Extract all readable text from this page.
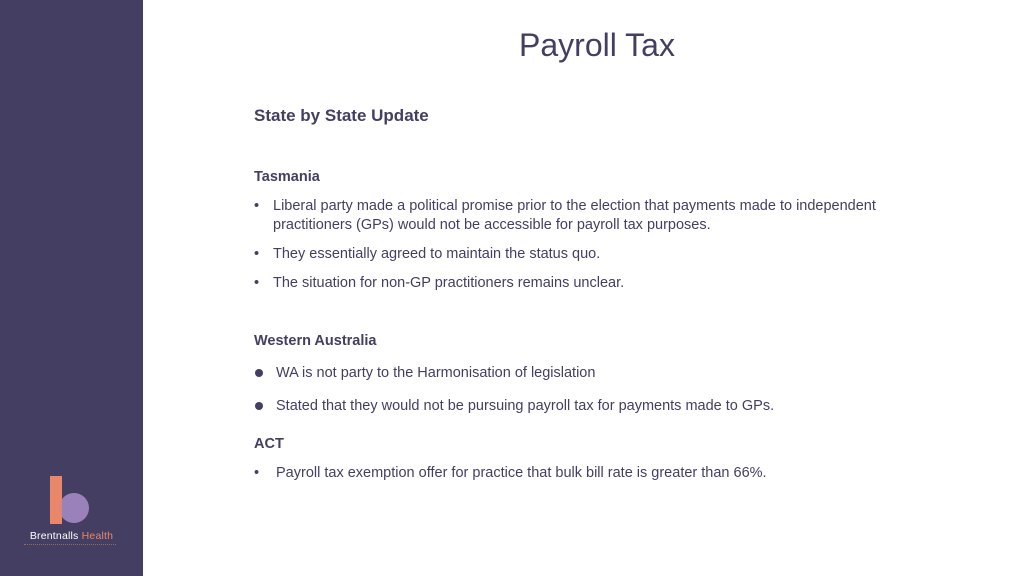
Brentnalls Health
Payroll Tax
State by State Update
Tasmania
• Liberal party made a political promise prior to the election that payments made to independent practitioners (GPs) would not be accessible for payroll tax purposes.
• They essentially agreed to maintain the status quo.
• The situation for non-GP practitioners remains unclear.
Western Australia
WA is not party to the Harmonisation of legislation
Stated that they would not be pursuing payroll tax for payments made to GPs.
ACT
•	Payroll tax exemption offer for practice that bulk bill rate is greater than 66%.
